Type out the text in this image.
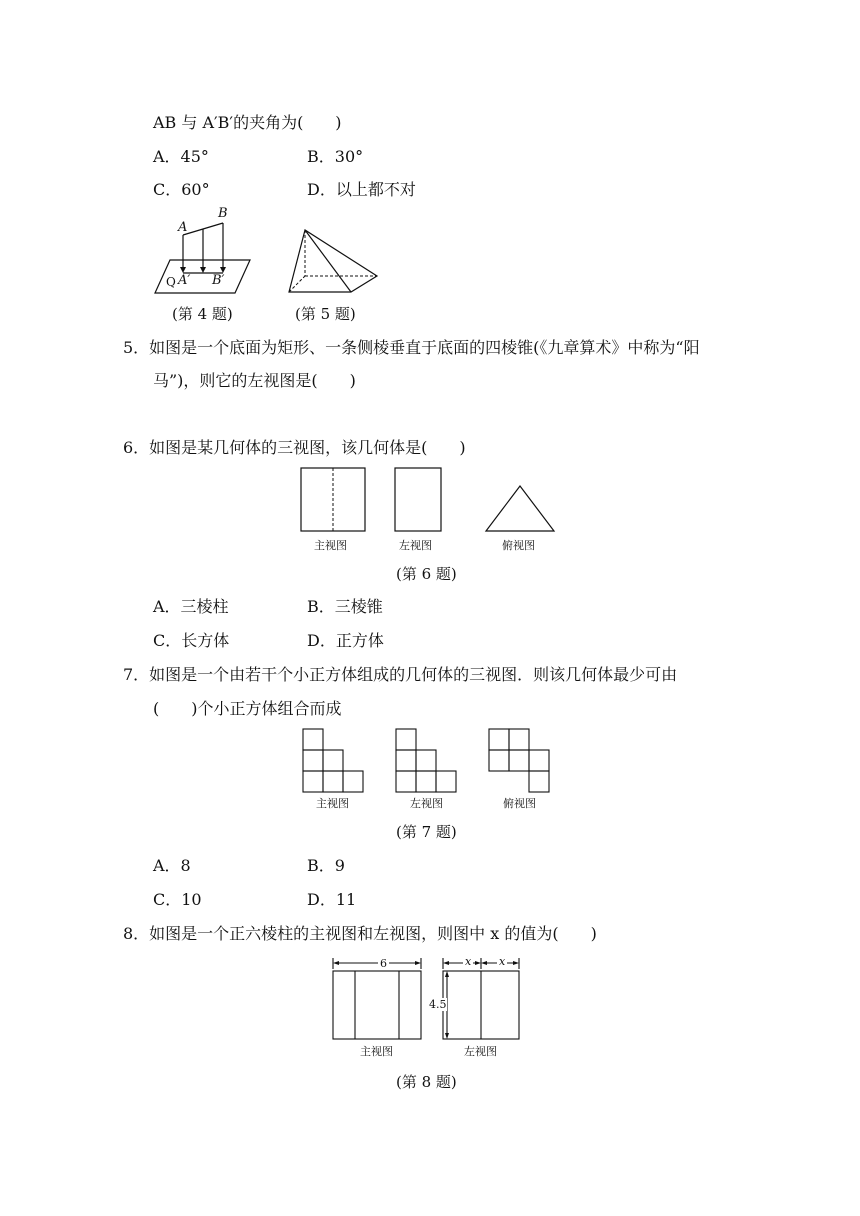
AB 与 A′B′的夹角为(　　)
A．45°	B．30°
C．60°	D．以上都不对
A
B
Q A′ B′
(第 4 题)	(第 5 题)
5．如图是一个底面为矩形、一条侧棱垂直于底面的四棱锥(《九章算术》中称为“阳
马”)，则它的左视图是(　　)
6．如图是某几何体的三视图，该几何体是(　　)
主视图	左视图	俯视图
(第 6 题)
A．三棱柱	B．三棱锥
C．长方体	D．正方体
7．如图是一个由若干个小正方体组成的几何体的三视图．则该几何体最少可由
(　　)个小正方体组合而成
主视图	左视图	俯视图
(第 7 题)
A．8	B．9
C．10	D．11
8．如图是一个正六棱柱的主视图和左视图，则图中 x 的值为(　　)
6	x	x
4.5
主视图	左视图
(第 8 题)
